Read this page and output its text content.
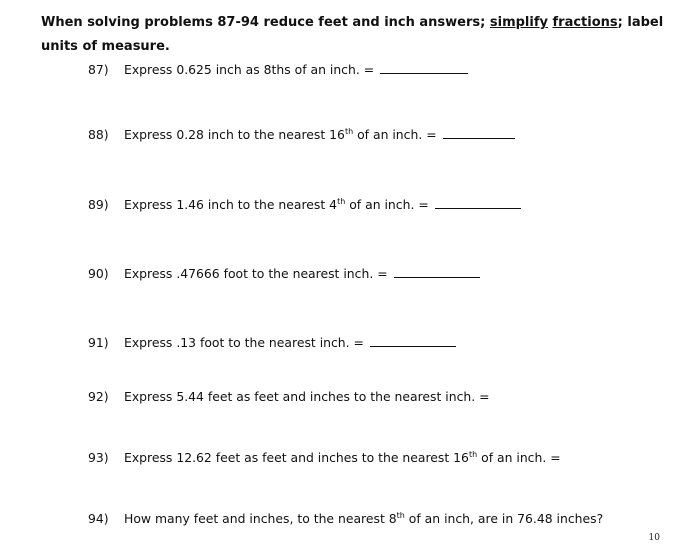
When solving problems 87-94 reduce feet and inch answers; simplify fractions; label units of measure.
87) Express 0.625 inch as 8ths of an inch. =
88) Express 0.28 inch to the nearest 16th of an inch. =
89) Express 1.46 inch to the nearest 4th of an inch. =
90) Express .47666 foot to the nearest inch. =
91) Express .13 foot to the nearest inch. =
92) Express 5.44 feet as feet and inches to the nearest inch. =
93) Express 12.62 feet as feet and inches to the nearest 16th of an inch. =
94) How many feet and inches, to the nearest 8th of an inch, are in 76.48 inches?
10
